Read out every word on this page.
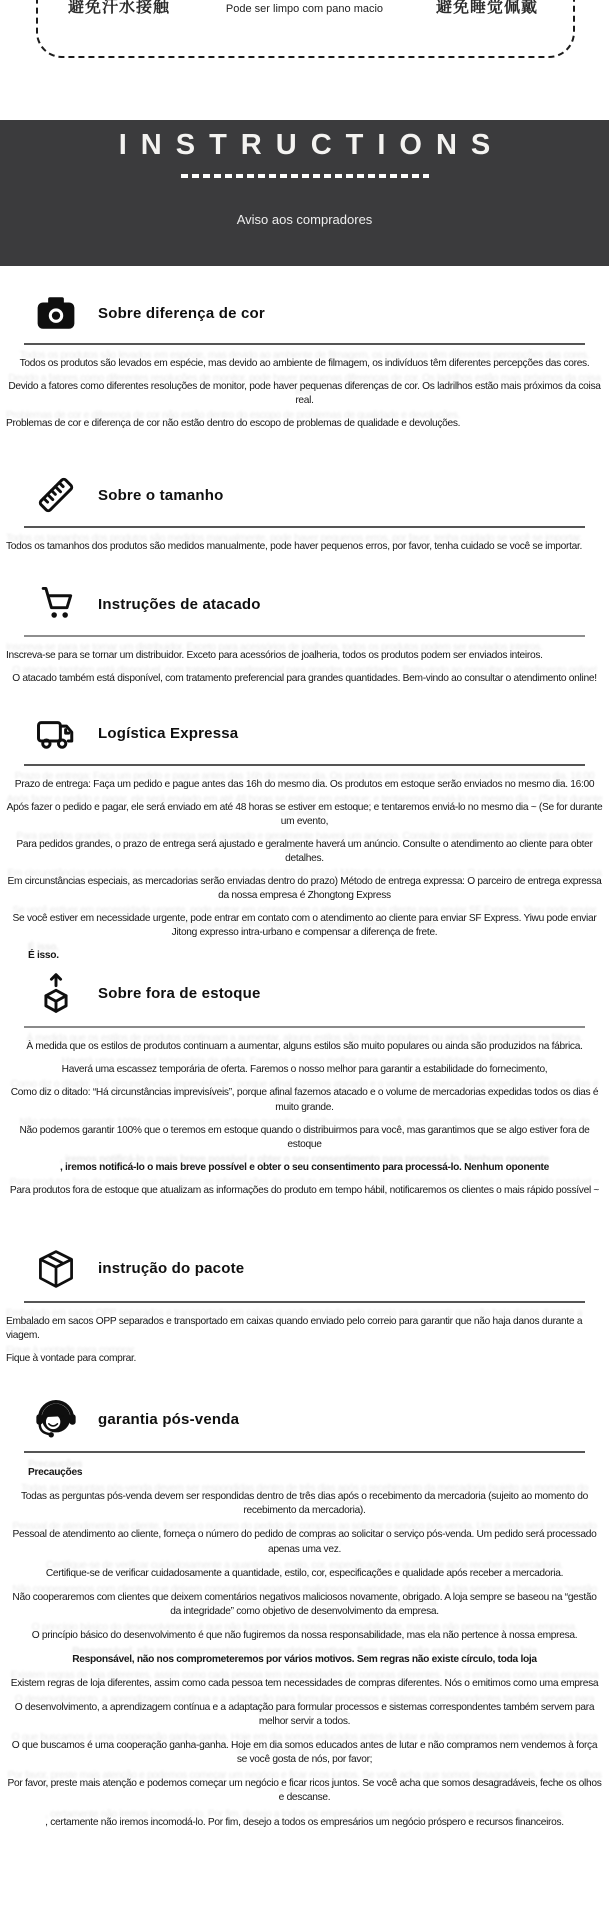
避免汗水接触	Pode ser limpo com pano macio	避免睡觉佩戴
INSTRUCTIONS
Aviso aos compradores
Sobre diferença de cor

Todos os produtos são levados em espécie, mas devido ao ambiente de filmagem, os indivíduos têm diferentes percepções das cores.

Devido a fatores como diferentes resoluções de monitor, pode haver pequenas diferenças de cor. Os ladrilhos estão mais próximos da coisa real.

Problemas de cor e diferença de cor não estão dentro do escopo de problemas de qualidade e devoluções.

Sobre o tamanho

Todos os tamanhos dos produtos são medidos manualmente, pode haver pequenos erros, por favor, tenha cuidado se você se importar.

Instruções de atacado

Inscreva-se para se tornar um distribuidor. Exceto para acessórios de joalheria, todos os produtos podem ser enviados inteiros.

O atacado também está disponível, com tratamento preferencial para grandes quantidades. Bem-vindo ao consultar o atendimento online!

Logística Expressa

Prazo de entrega: Faça um pedido e pague antes das 16h do mesmo dia. Os produtos em estoque serão enviados no mesmo dia. 16:00

Após fazer o pedido e pagar, ele será enviado em até 48 horas se estiver em estoque; e tentaremos enviá-lo no mesmo dia ~ (Se for durante um evento,

Para pedidos grandes, o prazo de entrega será ajustado e geralmente haverá um anúncio. Consulte o atendimento ao cliente para obter detalhes.

Em circunstâncias especiais, as mercadorias serão enviadas dentro do prazo) Método de entrega expressa: O parceiro de entrega expressa da nossa empresa é Zhongtong Express

Se você estiver em necessidade urgente, pode entrar em contato com o atendimento ao cliente para enviar SF Express. Yiwu pode enviar Jitong expresso intra-urbano e compensar a diferença de frete.

É isso.

Sobre fora de estoque

À medida que os estilos de produtos continuam a aumentar, alguns estilos são muito populares ou ainda são produzidos na fábrica.

Haverá uma escassez temporária de oferta. Faremos o nosso melhor para garantir a estabilidade do fornecimento,

Como diz o ditado: “Há circunstâncias imprevisíveis”, porque afinal fazemos atacado e o volume de mercadorias expedidas todos os dias é muito grande.

Não podemos garantir 100% que o teremos em estoque quando o distribuirmos para você, mas garantimos que se algo estiver fora de estoque

, iremos notificá-lo o mais breve possível e obter o seu consentimento para processá-lo. Nenhum oponente

Para produtos fora de estoque que atualizam as informações do produto em tempo hábil, notificaremos os clientes o mais rápido possível ~

instrução do pacote

Embalado em sacos OPP separados e transportado em caixas quando enviado pelo correio para garantir que não haja danos durante a viagem.

Fique à vontade para comprar.

garantia pós-venda

Precauções

Todas as perguntas pós-venda devem ser respondidas dentro de três dias após o recebimento da mercadoria (sujeito ao momento do recebimento da mercadoria).

Pessoal de atendimento ao cliente, forneça o número do pedido de compras ao solicitar o serviço pós-venda. Um pedido será processado apenas uma vez.

Certifique-se de verificar cuidadosamente a quantidade, estilo, cor, especificações e qualidade após receber a mercadoria.

Não cooperaremos com clientes que deixem comentários negativos maliciosos novamente, obrigado. A loja sempre se baseou na “gestão da integridade” como objetivo de desenvolvimento da empresa.

O princípio básico do desenvolvimento é que não fugiremos da nossa responsabilidade, mas ela não pertence à nossa empresa.

Responsável, não nos comprometeremos por vários motivos. Sem regras não existe círculo, toda loja

Existem regras de loja diferentes, assim como cada pessoa tem necessidades de compras diferentes. Nós o emitimos como uma empresa

O desenvolvimento, a aprendizagem contínua e a adaptação para formular processos e sistemas correspondentes também servem para melhor servir a todos.

O que buscamos é uma cooperação ganha-ganha. Hoje em dia somos educados antes de lutar e não compramos nem vendemos à força se você gosta de nós, por favor;

Por favor, preste mais atenção e podemos começar um negócio e ficar ricos juntos. Se você acha que somos desagradáveis, feche os olhos e descanse.

, certamente não iremos incomodá-lo. Por fim, desejo a todos os empresários um negócio próspero e recursos financeiros.
